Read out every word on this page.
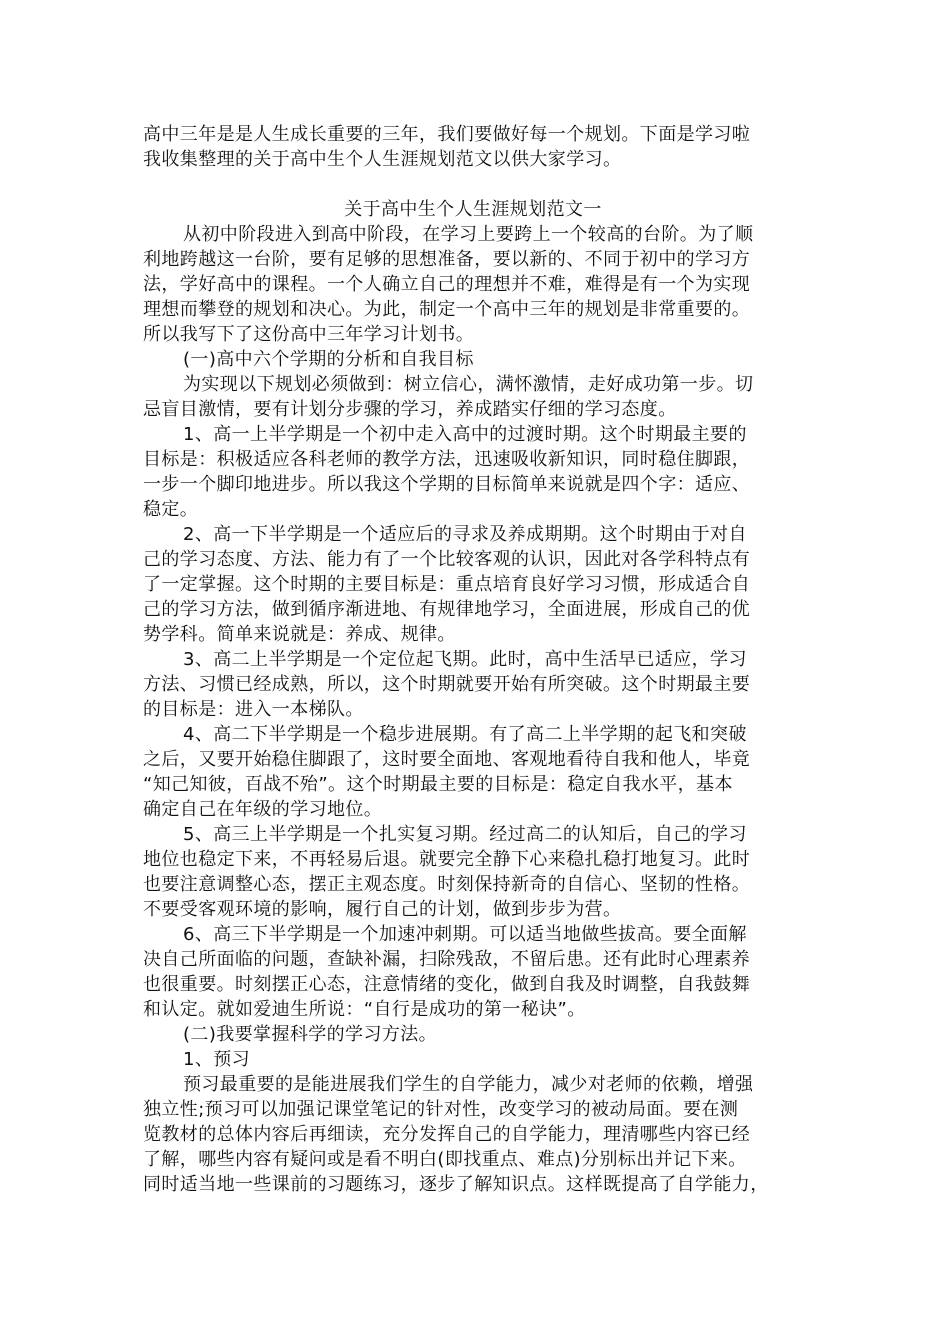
高中三年是是人生成长重要的三年，我们要做好每一个规划。下面是学习啦
我收集整理的关于高中生个人生涯规划范文以供大家学习。
关于高中生个人生涯规划范文一
从初中阶段进入到高中阶段，在学习上要跨上一个较高的台阶。为了顺
利地跨越这一台阶，要有足够的思想准备，要以新的、不同于初中的学习方
法，学好高中的课程。一个人确立自己的理想并不难，难得是有一个为实现
理想而攀登的规划和决心。为此，制定一个高中三年的规划是非常重要的。
所以我写下了这份高中三年学习计划书。
(一)高中六个学期的分析和自我目标
为实现以下规划必须做到：树立信心，满怀激情，走好成功第一步。切
忌盲目激情，要有计划分步骤的学习，养成踏实仔细的学习态度。
1、高一上半学期是一个初中走入高中的过渡时期。这个时期最主要的
目标是：积极适应各科老师的教学方法，迅速吸收新知识，同时稳住脚跟，
一步一个脚印地进步。所以我这个学期的目标简单来说就是四个字：适应、
稳定。
2、高一下半学期是一个适应后的寻求及养成期期。这个时期由于对自
己的学习态度、方法、能力有了一个比较客观的认识，因此对各学科特点有
了一定掌握。这个时期的主要目标是：重点培育良好学习习惯，形成适合自
己的学习方法，做到循序渐进地、有规律地学习，全面进展，形成自己的优
势学科。简单来说就是：养成、规律。
3、高二上半学期是一个定位起飞期。此时，高中生活早已适应，学习
方法、习惯已经成熟，所以，这个时期就要开始有所突破。这个时期最主要
的目标是：进入一本梯队。
4、高二下半学期是一个稳步进展期。有了高二上半学期的起飞和突破
之后，又要开始稳住脚跟了，这时要全面地、客观地看待自我和他人，毕竟
“知己知彼，百战不殆”。这个时期最主要的目标是：稳定自我水平，基本
确定自己在年级的学习地位。
5、高三上半学期是一个扎实复习期。经过高二的认知后，自己的学习
地位也稳定下来，不再轻易后退。就要完全静下心来稳扎稳打地复习。此时
也要注意调整心态，摆正主观态度。时刻保持新奇的自信心、坚韧的性格。
不要受客观环境的影响，履行自己的计划，做到步步为营。
6、高三下半学期是一个加速冲刺期。可以适当地做些拔高。要全面解
决自己所面临的问题，查缺补漏，扫除残敌，不留后患。还有此时心理素养
也很重要。时刻摆正心态，注意情绪的变化，做到自我及时调整，自我鼓舞
和认定。就如爱迪生所说：“自行是成功的第一秘诀”。
(二)我要掌握科学的学习方法。
1、预习
预习最重要的是能进展我们学生的自学能力，减少对老师的依赖，增强
独立性;预习可以加强记课堂笔记的针对性，改变学习的被动局面。要在测
览教材的总体内容后再细读，充分发挥自己的自学能力，理清哪些内容已经
了解，哪些内容有疑问或是看不明白(即找重点、难点)分别标出并记下来。
同时适当地一些课前的习题练习，逐步了解知识点。这样既提高了自学能力，
